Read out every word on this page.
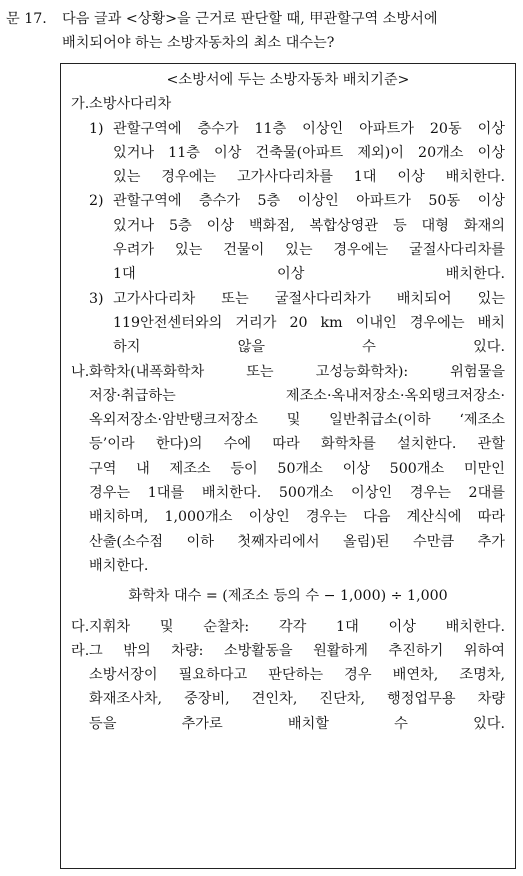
문 17. 다음 글과 <상황>을 근거로 판단할 때, 甲관할구역 소방서에
배치되어야 하는 소방자동차의 최소 대수는?
<소방서에 두는 소방자동차 배치기준>
가.소방사다리차
1) 관할구역에 층수가 11층 이상인 아파트가 20동 이상
있거나 11층 이상 건축물(아파트 제외)이 20개소 이상
있는 경우에는 고가사다리차를 1대 이상 배치한다.
2) 관할구역에 층수가 5층 이상인 아파트가 50동 이상
있거나 5층 이상 백화점, 복합상영관 등 대형 화재의
우려가 있는 건물이 있는 경우에는 굴절사다리차를
1대 이상 배치한다.
3) 고가사다리차 또는 굴절사다리차가 배치되어 있는
119안전센터와의 거리가 20 km 이내인 경우에는 배치
하지 않을 수 있다.
나. 화학차(내폭화학차 또는 고성능화학차): 위험물을
저장·취급하는 제조소·옥내저장소·옥외탱크저장소·
옥외저장소·암반탱크저장소 및 일반취급소(이하 ‘제조소
등’이라 한다)의 수에 따라 화학차를 설치한다. 관할
구역 내 제조소 등이 50개소 이상 500개소 미만인
경우는 1대를 배치한다. 500개소 이상인 경우는 2대를
배치하며, 1,000개소 이상인 경우는 다음 계산식에 따라
산출(소수점 이하 첫째자리에서 올림)된 수만큼 추가
배치한다.
화학차 대수 = (제조소 등의 수 − 1,000) ÷ 1,000
다. 지휘차 및 순찰차: 각각 1대 이상 배치한다.
라. 그 밖의 차량: 소방활동을 원활하게 추진하기 위하여
소방서장이 필요하다고 판단하는 경우 배연차, 조명차,
화재조사차, 중장비, 견인차, 진단차, 행정업무용 차량
등을 추가로 배치할 수 있다.
